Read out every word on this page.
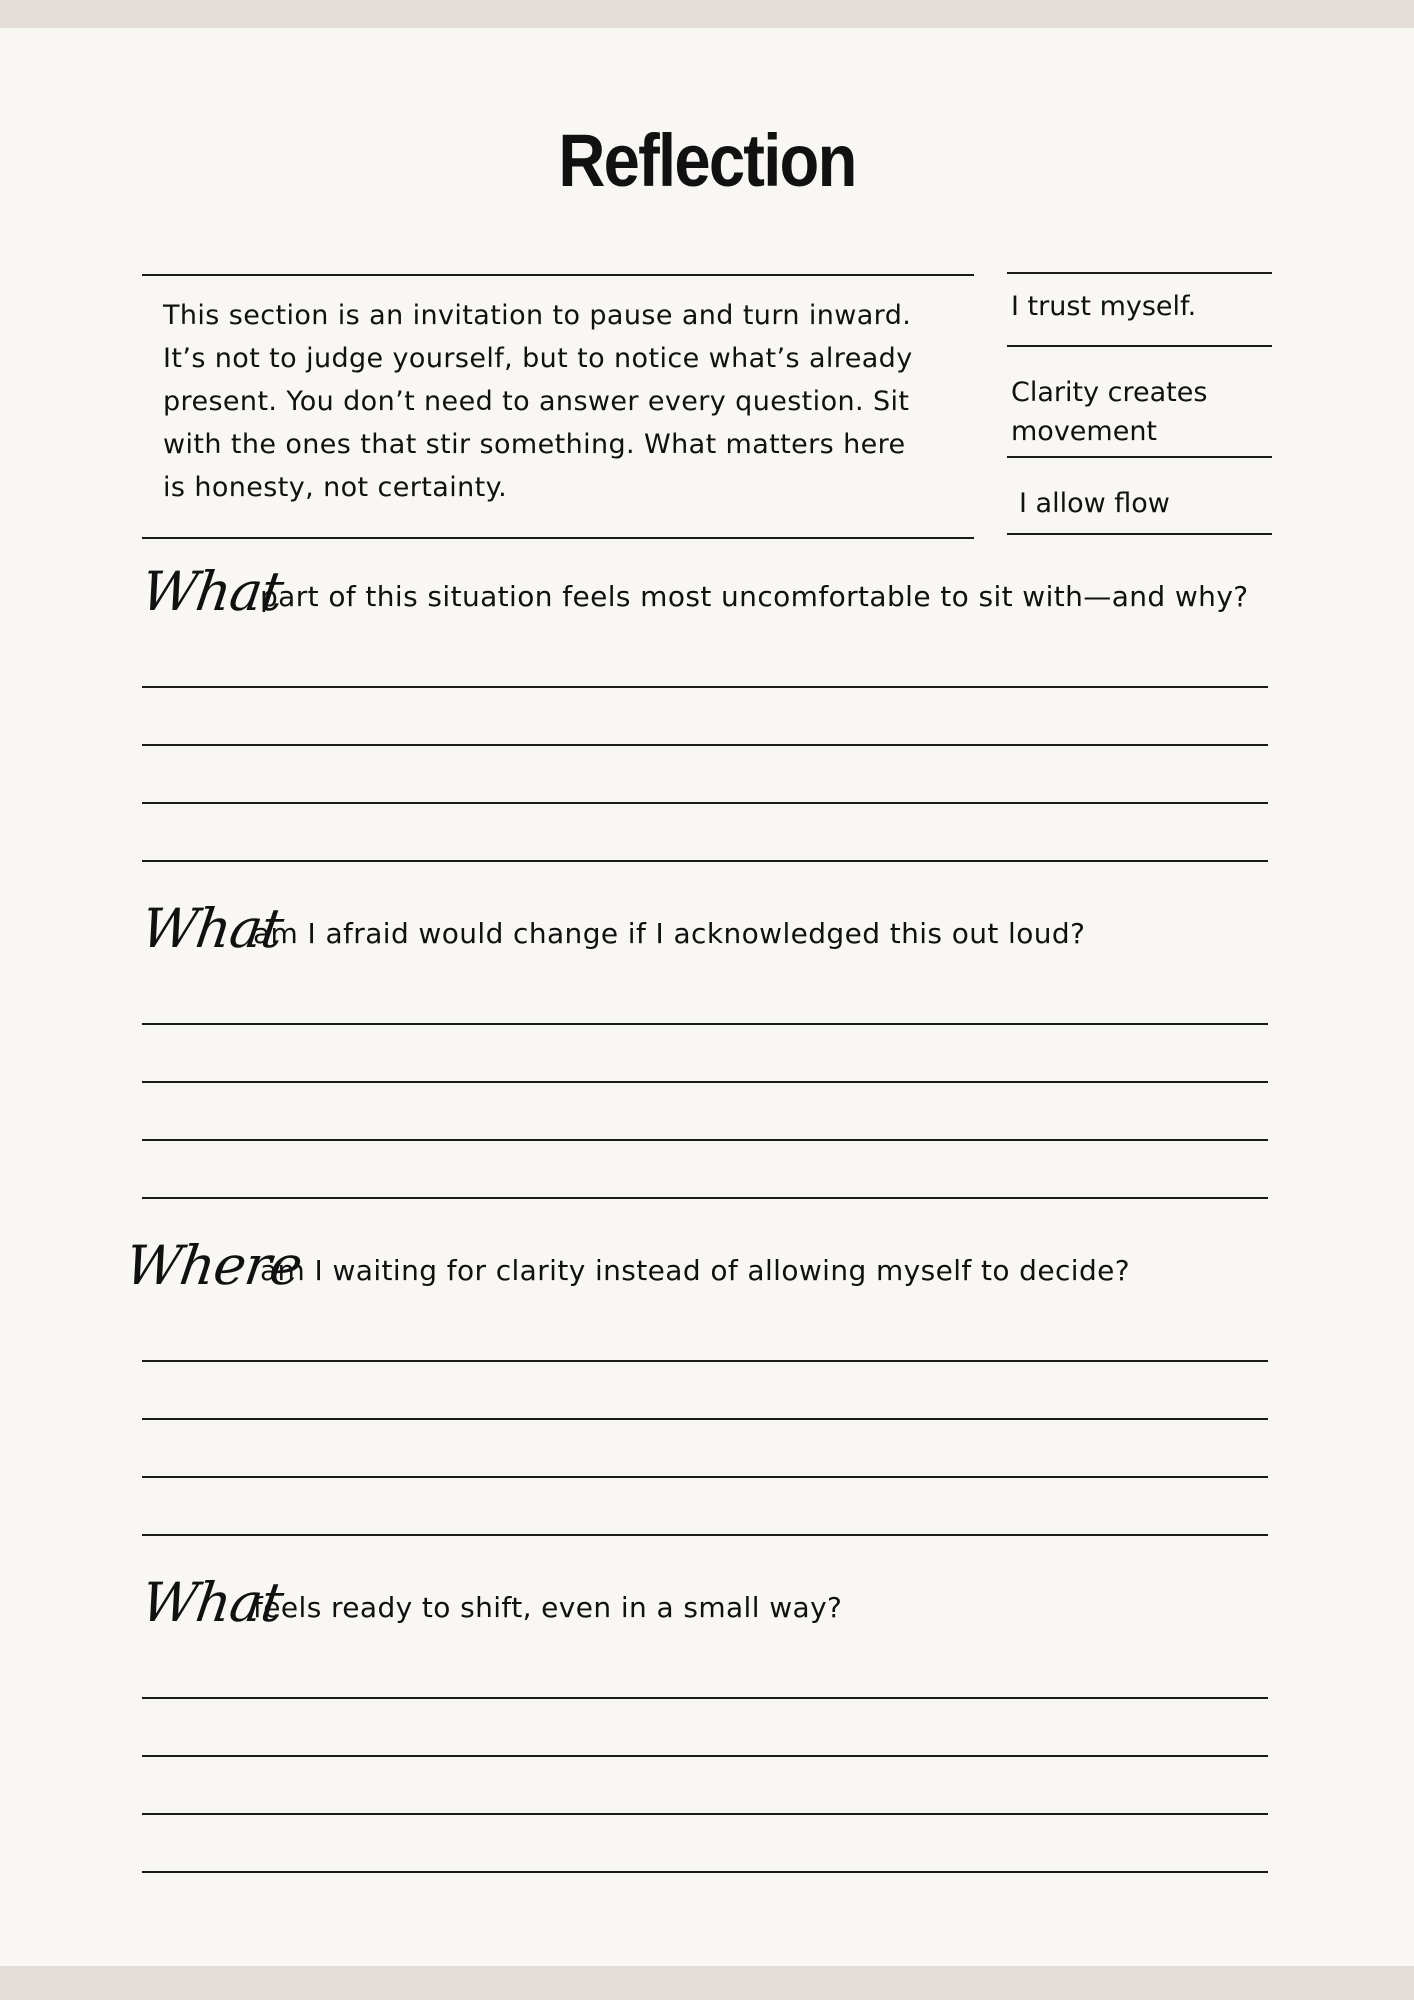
Reflection
This section is an invitation to pause and turn inward.
It’s not to judge yourself, but to notice what’s already
present. You don’t need to answer every question. Sit
with the ones that stir something. What matters here
is honesty, not certainty.
I trust myself.
Clarity creates
movement
I allow flow
What
part of this situation feels most uncomfortable to sit with—and why?
What
am I afraid would change if I acknowledged this out loud?
Where
am I waiting for clarity instead of allowing myself to decide?
What
feels ready to shift, even in a small way?
